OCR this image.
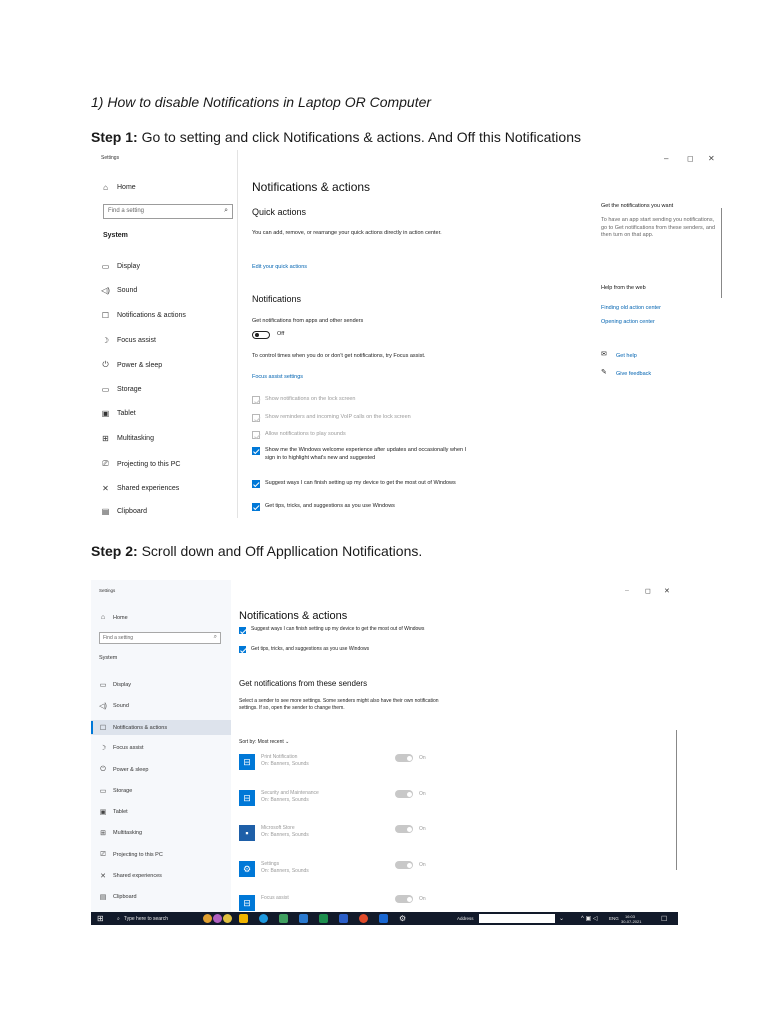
1) How to disable Notifications in Laptop OR Computer
Step 1: Go to setting and click Notifications & actions. And Off this Notifications
Settings
⌂ Home
Find a setting	⌕
System
▭ Display
◁) Sound
☐ Notifications & actions
☽ Focus assist
⏻ Power & sleep
▭ Storage
▣ Tablet
⊞ Multitasking
⎚ Projecting to this PC
✕ Shared experiences
▤ Clipboard
Notifications & actions
Quick actions
You can add, remove, or rearrange your quick actions directly in action center.
Edit your quick actions
Notifications
Get notifications from apps and other senders
Off
To control times when you do or don't get notifications, try Focus assist.
Focus assist settings
Show notifications on the lock screen
Show reminders and incoming VoIP calls on the lock screen
Allow notifications to play sounds
Show me the Windows welcome experience after updates and occasionally when I sign in to highlight what's new and suggested
Suggest ways I can finish setting up my device to get the most out of Windows
Get tips, tricks, and suggestions as you use Windows
– ◻ ✕
Get the notifications you want
To have an app start sending you notifications, go to Get notifications from these senders, and then turn on that app.
Help from the web
Finding old action center
Opening action center
✉ Get help
✎ Give feedback
Step 2: Scroll down and Off Appllication Notifications.
Settings
⌂	Home
Find a setting	⌕
System
▭ Display
◁) Sound
☐ Notifications & actions
☽ Focus assist
⏻ Power & sleep
▭ Storage
▣ Tablet
⊞ Multitasking
⎚ Projecting to this PC
✕ Shared experiences
▤ Clipboard
Notifications & actions
Suggest ways I can finish setting up my device to get the most out of Windows
Get tips, tricks, and suggestions as you use Windows
Get notifications from these senders
Select a sender to see more settings. Some senders might also have their own notification settings. If so, open the sender to change them.
Sort by: Most recent ⌄
⊟	Print Notification
On: Banners, Sounds
On
⊟	Security and Maintenance
On: Banners, Sounds
On
▪	Microsoft Store
On: Banners, Sounds
On
⚙	Settings
On: Banners, Sounds
On
⊟	Focus assist	On
– ◻ ✕
⊞	⌕ Type here to search	⚙	Address	⌄	^ ▣ ◁	ENG 16:03
30-07-2021	☐
